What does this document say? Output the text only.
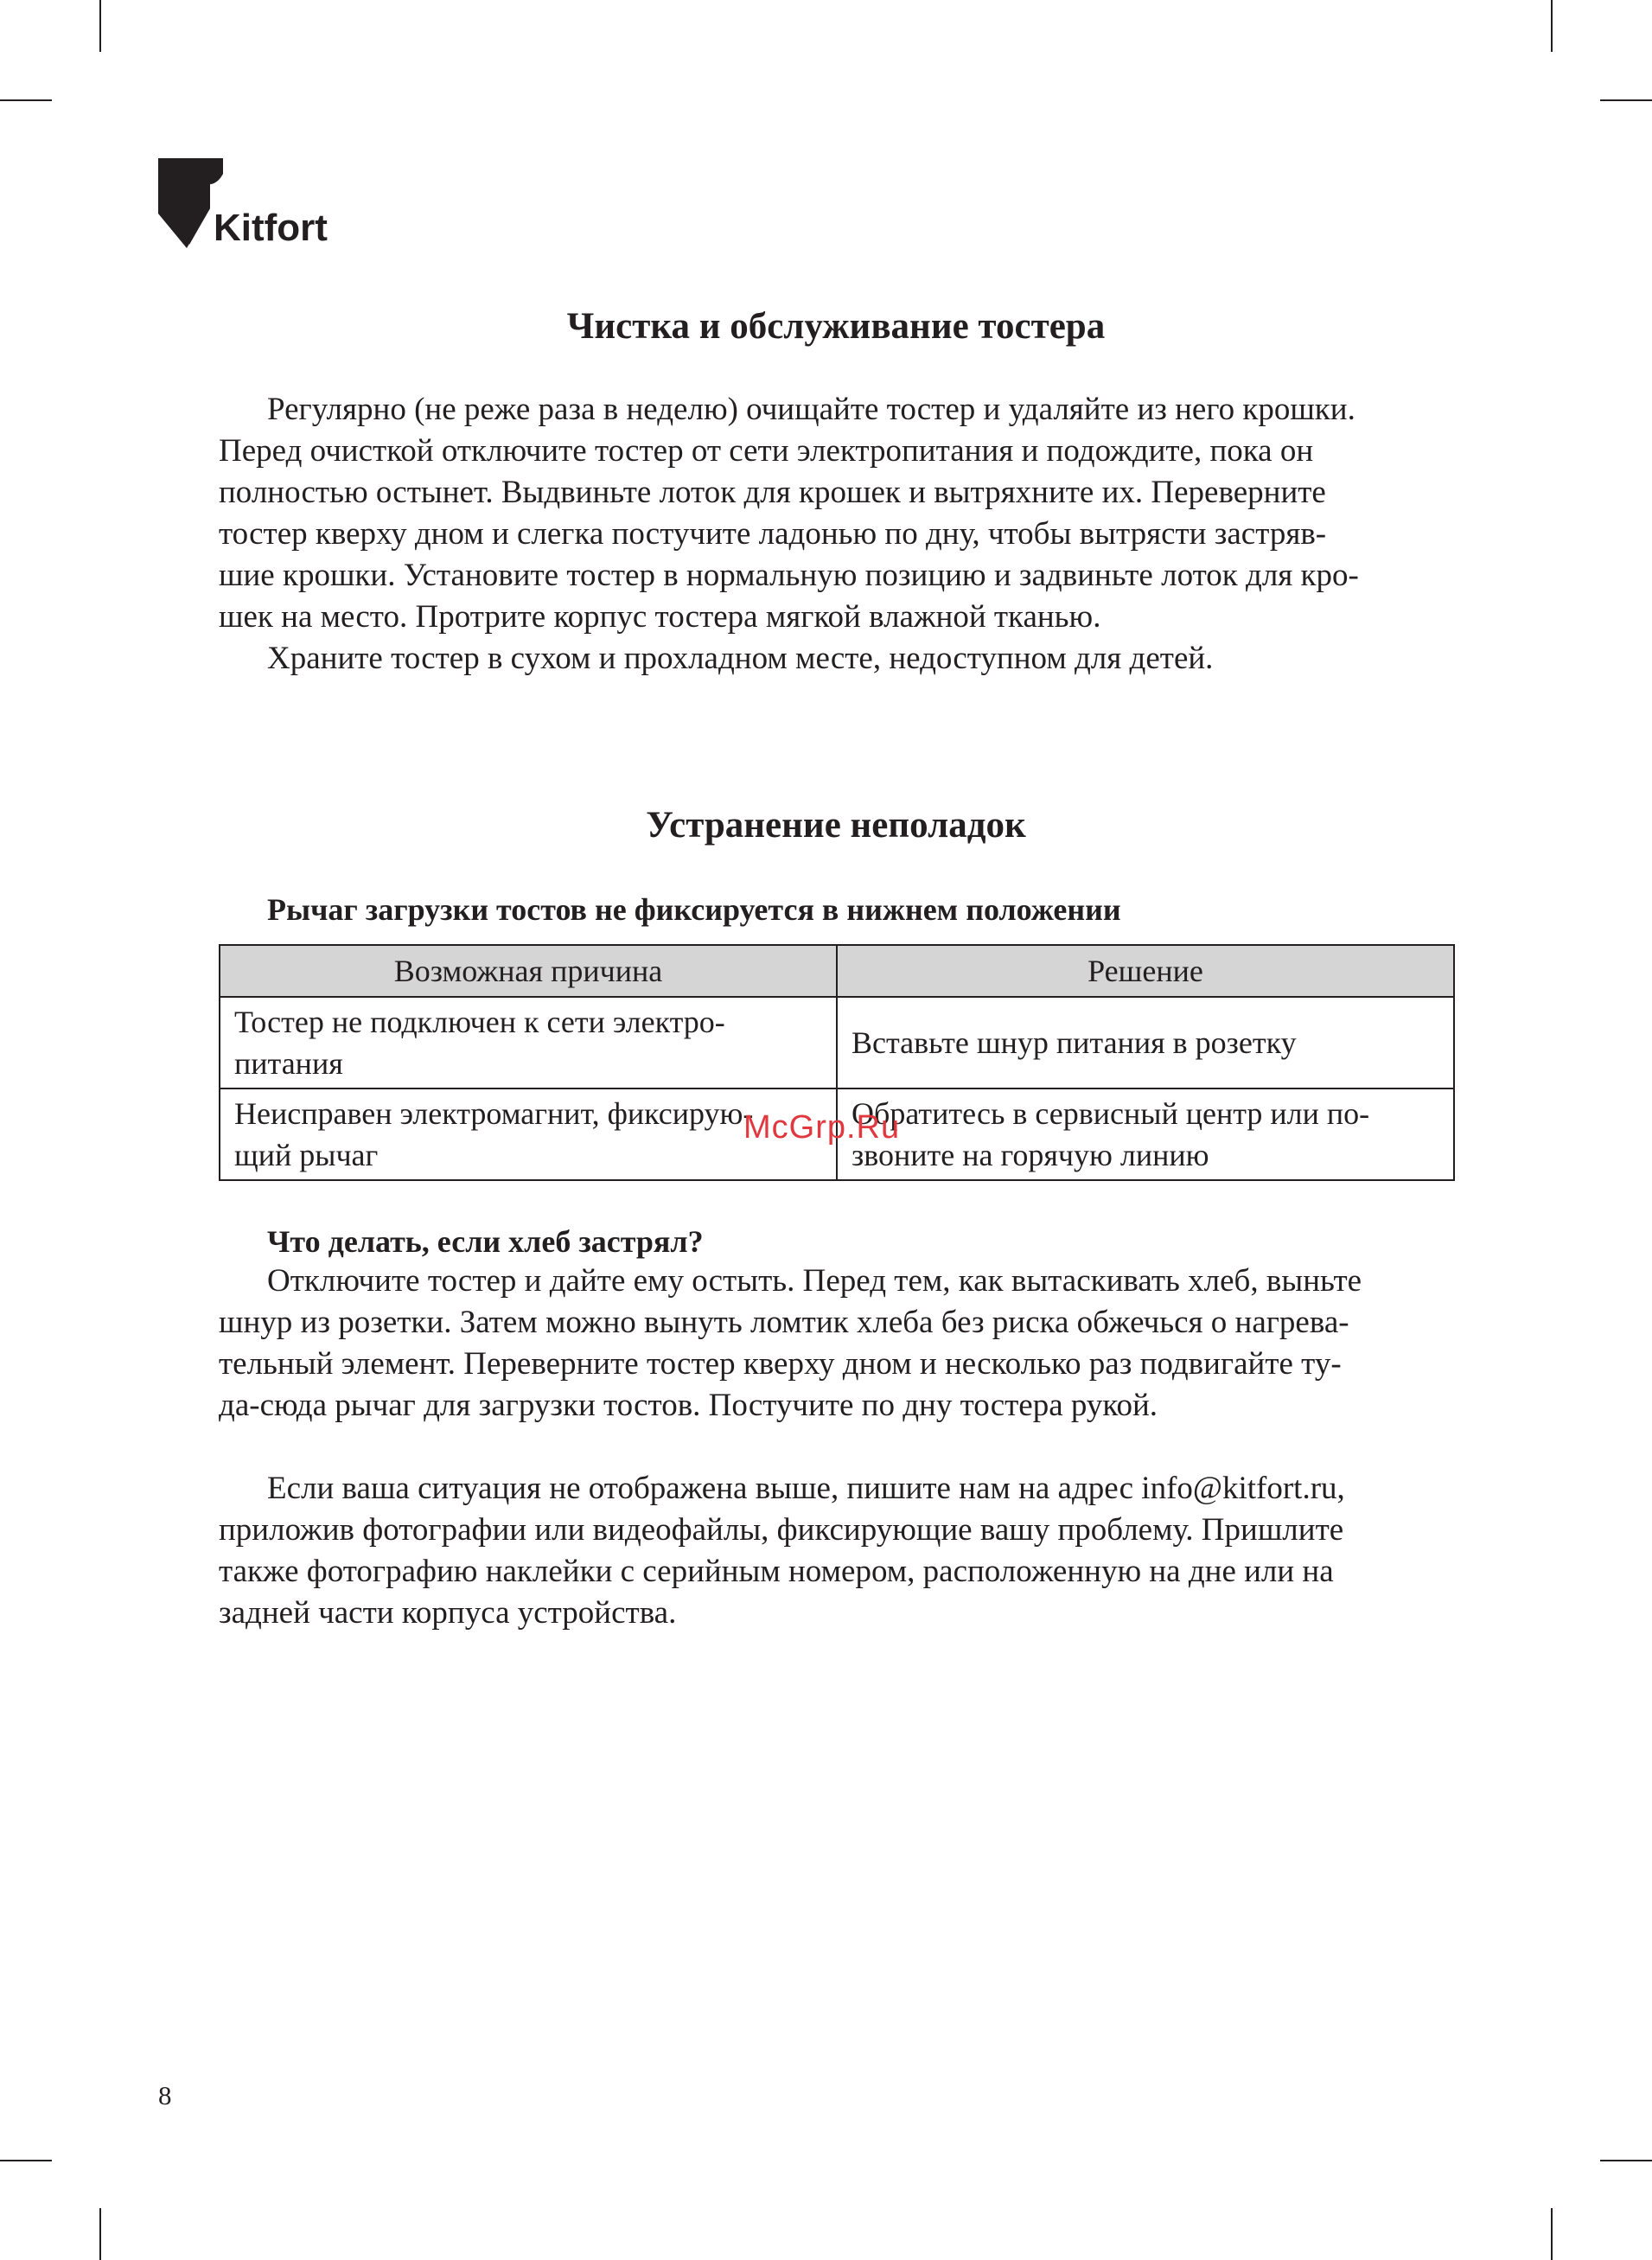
Kitfort
Чистка и обслуживание тостера

Регулярно (не реже раза в неделю) очищайте тостер и удаляйте из него крошки.
Перед очисткой отключите тостер от сети электропитания и подождите, пока он
полностью остынет. Выдвиньте лоток для крошек и вытряхните их. Переверните
тостер кверху дном и слегка постучите ладонью по дну, чтобы вытрясти застряв-
шие крошки. Установите тостер в нормальную позицию и задвиньте лоток для кро-
шек на место. Протрите корпус тостера мягкой влажной тканью.
Храните тостер в сухом и прохладном месте, недоступном для детей.

Устранение неполадок

Рычаг загрузки тостов не фиксируется в нижнем положении

Возможная причина	Решение

Тостер не подключен к сети электро-
питания	Вставьте шнур питания в розетку

Неисправен электромагнит, фиксирую-
щий рычаг	Обратитесь в сервисный центр или по-
звоните на горячую линию
McGrp.Ru

Что делать, если хлеб застрял?

Отключите тостер и дайте ему остыть. Перед тем, как вытаскивать хлеб, выньте
шнур из розетки. Затем можно вынуть ломтик хлеба без риска обжечься о нагрева-
тельный элемент. Переверните тостер кверху дном и несколько раз подвигайте ту-
да-сюда рычаг для загрузки тостов. Постучите по дну тостера рукой.

Если ваша ситуация не отображена выше, пишите нам на адрес info@kitfort.ru,
приложив фотографии или видеофайлы, фиксирующие вашу проблему. Пришлите
также фотографию наклейки с серийным номером, расположенную на дне или на
задней части корпуса устройства.

8
